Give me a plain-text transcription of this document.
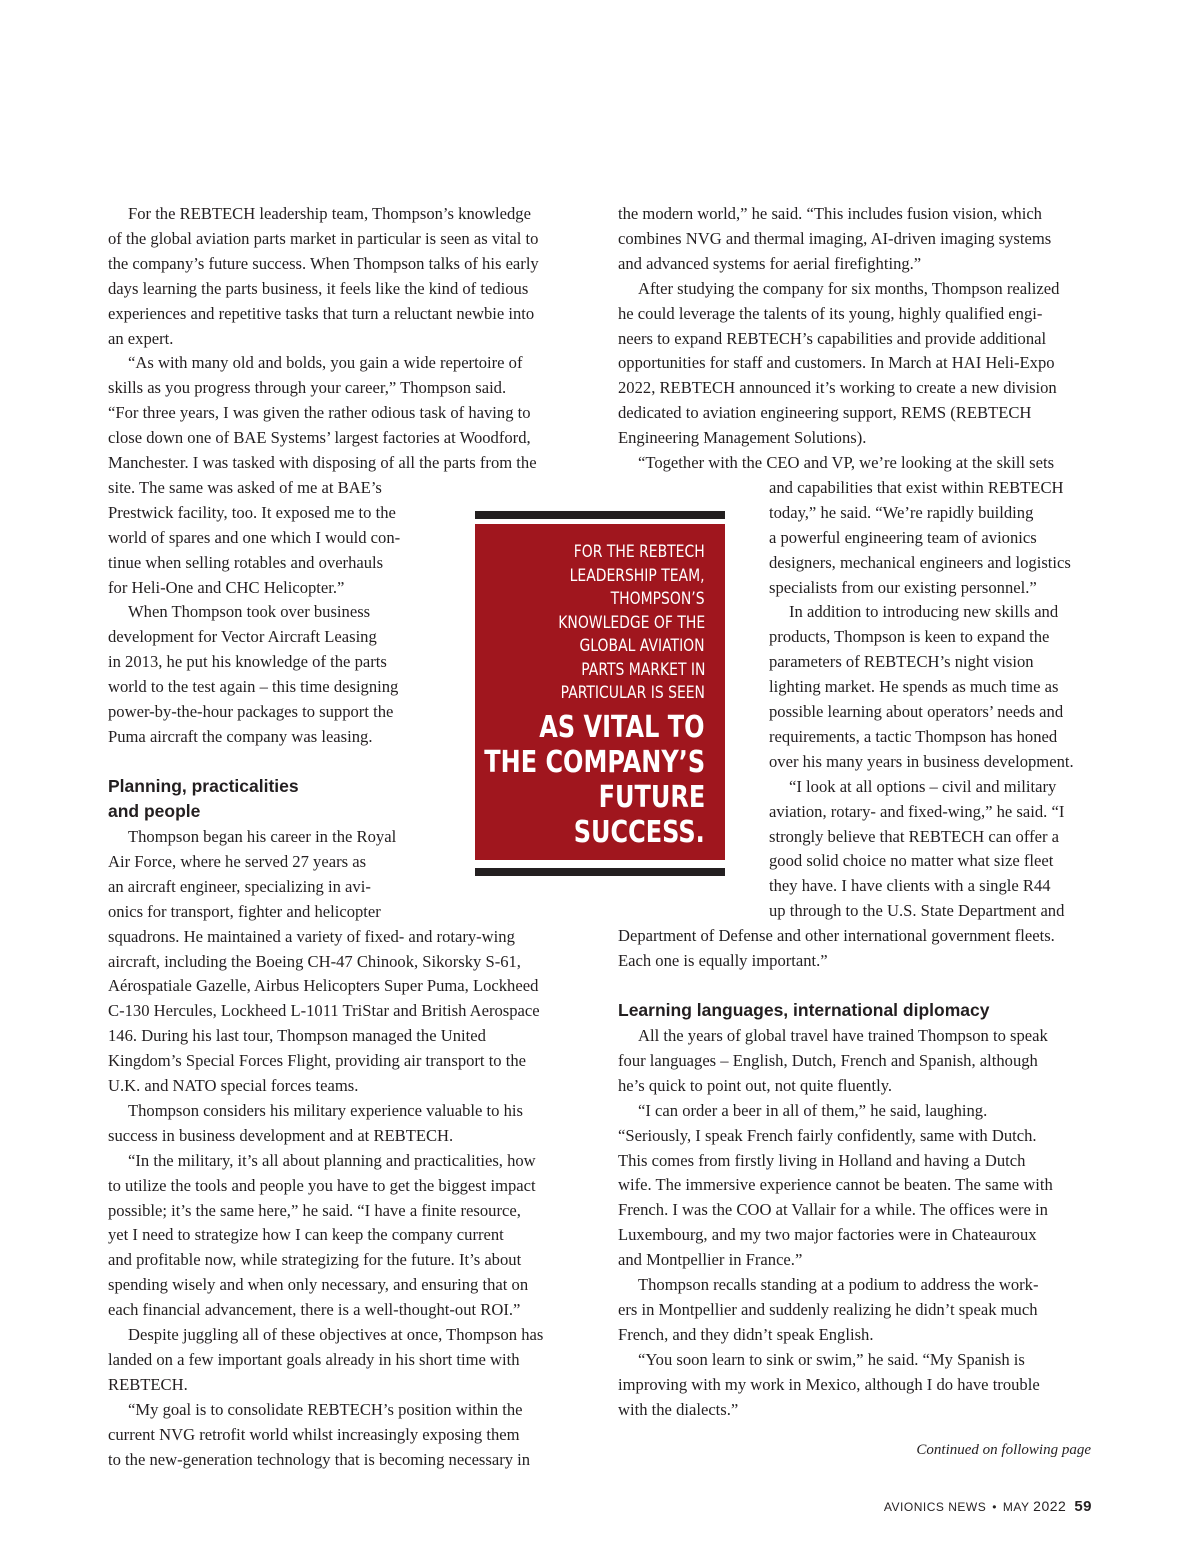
For the REBTECH leadership team, Thompson’s knowledge
of the global aviation parts market in particular is seen as vital to
the company’s future success. When Thompson talks of his early
days learning the parts business, it feels like the kind of tedious
experiences and repetitive tasks that turn a reluctant newbie into
an expert.
“As with many old and bolds, you gain a wide repertoire of
skills as you progress through your career,” Thompson said.
“For three years, I was given the rather odious task of having to
close down one of BAE Systems’ largest factories at Woodford,
Manchester. I was tasked with disposing of all the parts from the
site. The same was asked of me at BAE’s
Prestwick facility, too. It exposed me to the
world of spares and one which I would con-
tinue when selling rotables and overhauls
for Heli-One and CHC Helicopter.”
When Thompson took over business
development for Vector Aircraft Leasing
in 2013, he put his knowledge of the parts
world to the test again – this time designing
power-by-the-hour packages to support the
Puma aircraft the company was leasing.
Planning, practicalities
and people
Thompson began his career in the Royal
Air Force, where he served 27 years as
an aircraft engineer, specializing in avi-
onics for transport, fighter and helicopter
squadrons. He maintained a variety of fixed- and rotary-wing
aircraft, including the Boeing CH-47 Chinook, Sikorsky S-61,
Aérospatiale Gazelle, Airbus Helicopters Super Puma, Lockheed
C-130 Hercules, Lockheed L-1011 TriStar and British Aerospace
146. During his last tour, Thompson managed the United
Kingdom’s Special Forces Flight, providing air transport to the
U.K. and NATO special forces teams.
Thompson considers his military experience valuable to his
success in business development and at REBTECH.
“In the military, it’s all about planning and practicalities, how
to utilize the tools and people you have to get the biggest impact
possible; it’s the same here,” he said. “I have a finite resource,
yet I need to strategize how I can keep the company current
and profitable now, while strategizing for the future. It’s about
spending wisely and when only necessary, and ensuring that on
each financial advancement, there is a well-thought-out ROI.”
Despite juggling all of these objectives at once, Thompson has
landed on a few important goals already in his short time with
REBTECH.
“My goal is to consolidate REBTECH’s position within the
current NVG retrofit world whilst increasingly exposing them
to the new-generation technology that is becoming necessary in
the modern world,” he said. “This includes fusion vision, which
combines NVG and thermal imaging, AI-driven imaging systems
and advanced systems for aerial firefighting.”
After studying the company for six months, Thompson realized
he could leverage the talents of its young, highly qualified engi-
neers to expand REBTECH’s capabilities and provide additional
opportunities for staff and customers. In March at HAI Heli-Expo
2022, REBTECH announced it’s working to create a new division
dedicated to aviation engineering support, REMS (REBTECH
Engineering Management Solutions).
“Together with the CEO and VP, we’re looking at the skill sets
and capabilities that exist within REBTECH
today,” he said. “We’re rapidly building
a powerful engineering team of avionics
designers, mechanical engineers and logistics
specialists from our existing personnel.”
In addition to introducing new skills and
products, Thompson is keen to expand the
parameters of REBTECH’s night vision
lighting market. He spends as much time as
possible learning about operators’ needs and
requirements, a tactic Thompson has honed
over his many years in business development.
“I look at all options – civil and military
aviation, rotary- and fixed-wing,” he said. “I
strongly believe that REBTECH can offer a
good solid choice no matter what size fleet
they have. I have clients with a single R44
up through to the U.S. State Department and
Department of Defense and other international government fleets.
Each one is equally important.”
Learning languages, international diplomacy
All the years of global travel have trained Thompson to speak
four languages – English, Dutch, French and Spanish, although
he’s quick to point out, not quite fluently.
“I can order a beer in all of them,” he said, laughing.
“Seriously, I speak French fairly confidently, same with Dutch.
This comes from firstly living in Holland and having a Dutch
wife. The immersive experience cannot be beaten. The same with
French. I was the COO at Vallair for a while. The offices were in
Luxembourg, and my two major factories were in Chateauroux
and Montpellier in France.”
Thompson recalls standing at a podium to address the work-
ers in Montpellier and suddenly realizing he didn’t speak much
French, and they didn’t speak English.
“You soon learn to sink or swim,” he said. “My Spanish is
improving with my work in Mexico, although I do have trouble
with the dialects.”
FOR THE REBTECH
LEADERSHIP TEAM,
THOMPSON’S
KNOWLEDGE OF THE
GLOBAL AVIATION
PARTS MARKET IN
PARTICULAR IS SEEN
AS VITAL TO
THE COMPANY’S
FUTURE
SUCCESS.
Continued on following page
AVIONICS NEWS • MAY 2022 59
